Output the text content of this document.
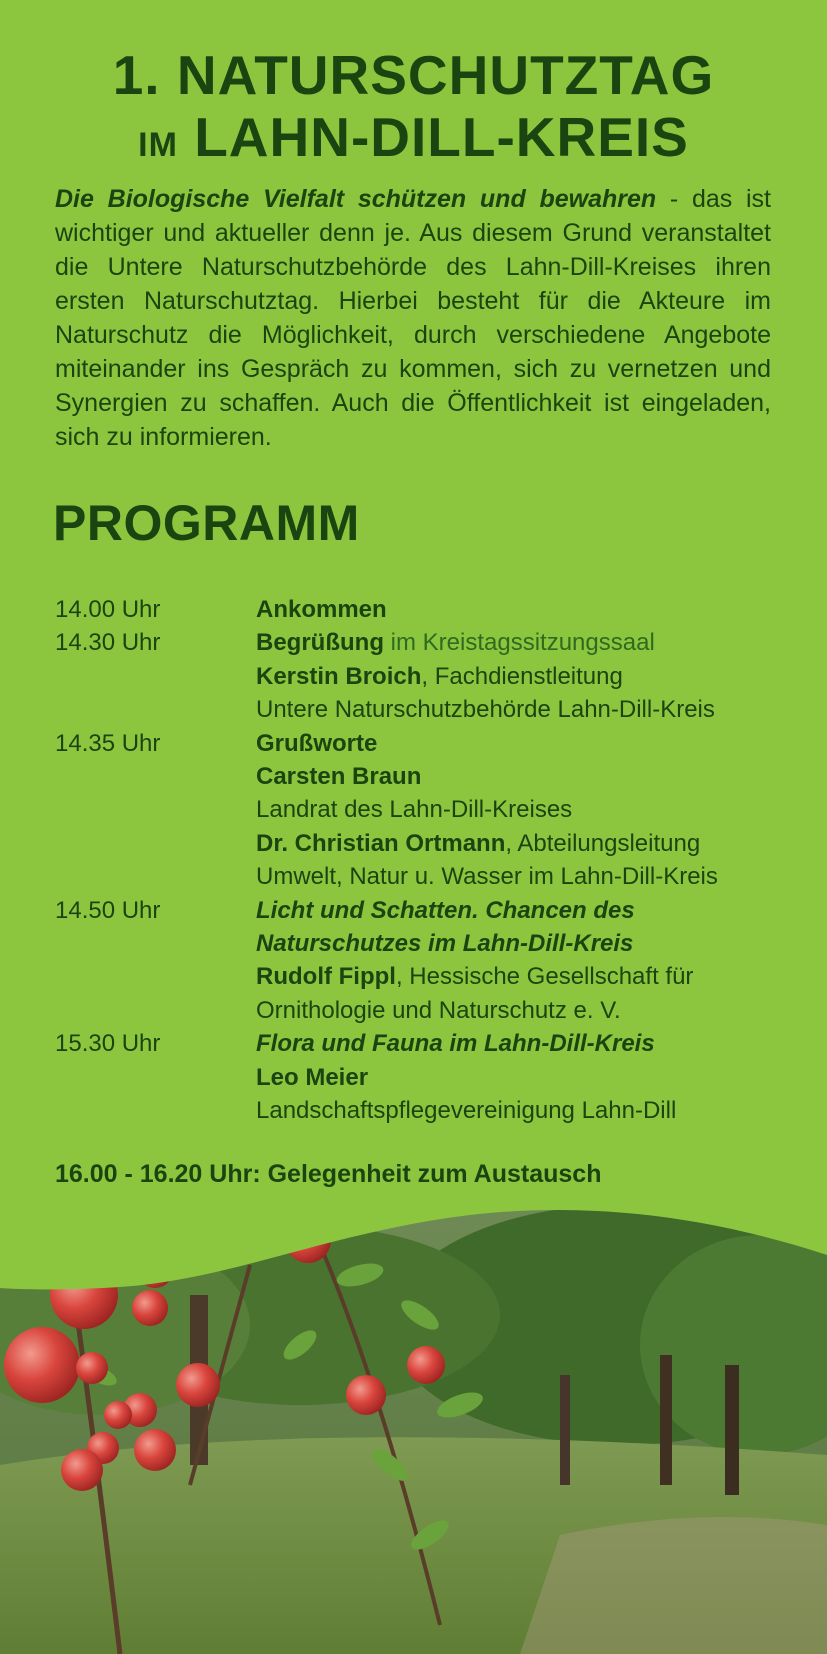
1. NATURSCHUTZTAG
IM LAHN-DILL-KREIS
Die Biologische Vielfalt schützen und bewahren - das ist wichtiger und aktueller denn je. Aus diesem Grund veranstaltet die Untere Naturschutzbehörde des Lahn-Dill-Kreises ihren ersten Naturschutztag. Hierbei besteht für die Akteure im Naturschutz die Möglichkeit, durch verschiedene Angebote miteinander ins Gespräch zu kommen, sich zu vernetzen und Synergien zu schaffen. Auch die Öffentlichkeit ist eingeladen, sich zu informieren.
PROGRAMM
14.00 Uhr	Ankommen
14.30 Uhr	Begrüßung im Kreistagssitzungssaal
Kerstin Broich, Fachdienstleitung
Untere Naturschutzbehörde Lahn-Dill-Kreis
14.35 Uhr	Grußworte
Carsten Braun
Landrat des Lahn-Dill-Kreises
Dr. Christian Ortmann, Abteilungsleitung
Umwelt, Natur u. Wasser im Lahn-Dill-Kreis
14.50 Uhr	Licht und Schatten. Chancen des
Naturschutzes im Lahn-Dill-Kreis
Rudolf Fippl, Hessische Gesellschaft für
Ornithologie und Naturschutz e. V.
15.30 Uhr	Flora und Fauna im Lahn-Dill-Kreis
Leo Meier
Landschaftspflegevereinigung Lahn-Dill
16.00 - 16.20 Uhr: Gelegenheit zum Austausch
